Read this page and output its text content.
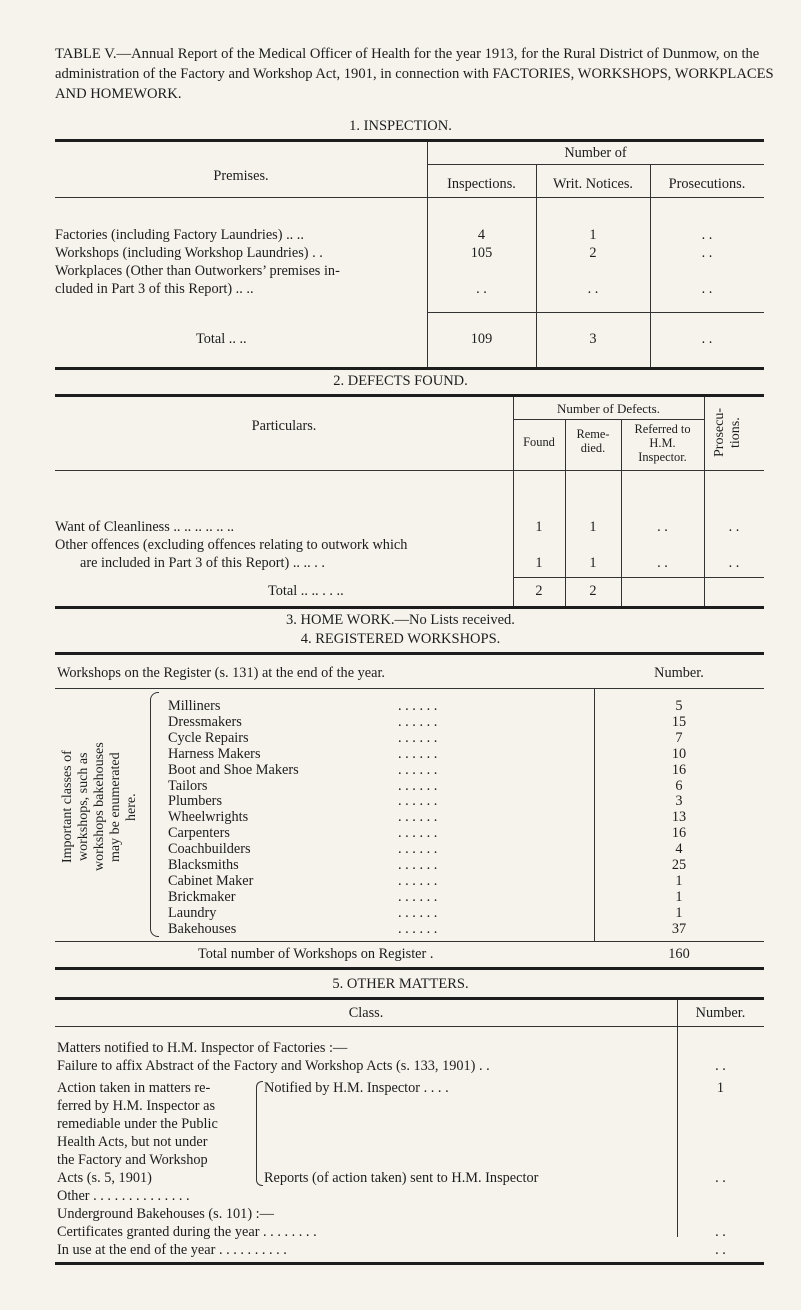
TABLE V.—Annual Report of the Medical Officer of Health for the year 1913, for the Rural District of Dunmow, on the administration of the Factory and Workshop Act, 1901, in connection with FACTORIES, WORKSHOPS, WORKPLACES AND HOMEWORK.
1. INSPECTION.
Premises.
Number of
Inspections.	Writ. Notices.	Prosecutions.
Factories (including Factory Laundries) .. ..	4	1	. .
Workshops (including Workshop Laundries) . .	105	2	. .
Workplaces (Other than Outworkers’ premises in-
cluded in Part 3 of this Report) .. ..	. .	. .	. .
Total .. ..	109	3	. .
2. DEFECTS FOUND.
Particulars.
Number of Defects.
Found
Reme-
died.
Referred to
H.M.
Inspector.	Prosecu-tions.
Want of Cleanliness .. .. .. .. .. ..	1	1	. .	. .
Other offences (excluding offences relating to outwork which
are included in Part 3 of this Report) .. .. . .	1	1	. .	. .
Total .. .. . . ..	2	2
3. HOME WORK.—No Lists received.
4. REGISTERED WORKSHOPS.
Workshops on the Register (s. 131) at the end of the year.	Number.
Important classes of workshops, such as workshops bakehouses may be enumerated here.
Milliners	. . . . . .	5
Dressmakers	. . . . . .	15
Cycle Repairs	. . . . . .	7
Harness Makers	. . . . . .	10
Boot and Shoe Makers	. . . . . .	16
Tailors	. . . . . .	6
Plumbers	. . . . . .	3
Wheelwrights	. . . . . .	13
Carpenters	. . . . . .	16
Coachbuilders	. . . . . .	4
Blacksmiths	. . . . . .	25
Cabinet Maker	. . . . . .	1
Brickmaker	. . . . . .	1
Laundry	. . . . . .	1
Bakehouses	. . . . . .	37
Total number of Workshops on Register .	160
5. OTHER MATTERS.
Class.	Number.
Matters notified to H.M. Inspector of Factories :—
Failure to affix Abstract of the Factory and Workshop Acts (s. 133, 1901) . .	. .
Action taken in matters re-
ferred by H.M. Inspector as
remediable under the Public
Health Acts, but not under
the Factory and Workshop
Acts (s. 5, 1901)
Notified by H.M. Inspector . . . .	1
Reports (of action taken) sent to H.M. Inspector	. .
Other . . . . . . . . . . . . . .
Underground Bakehouses (s. 101) :—
Certificates granted during the year . . . . . . . .	. .
In use at the end of the year . . . . . . . . . .	. .
